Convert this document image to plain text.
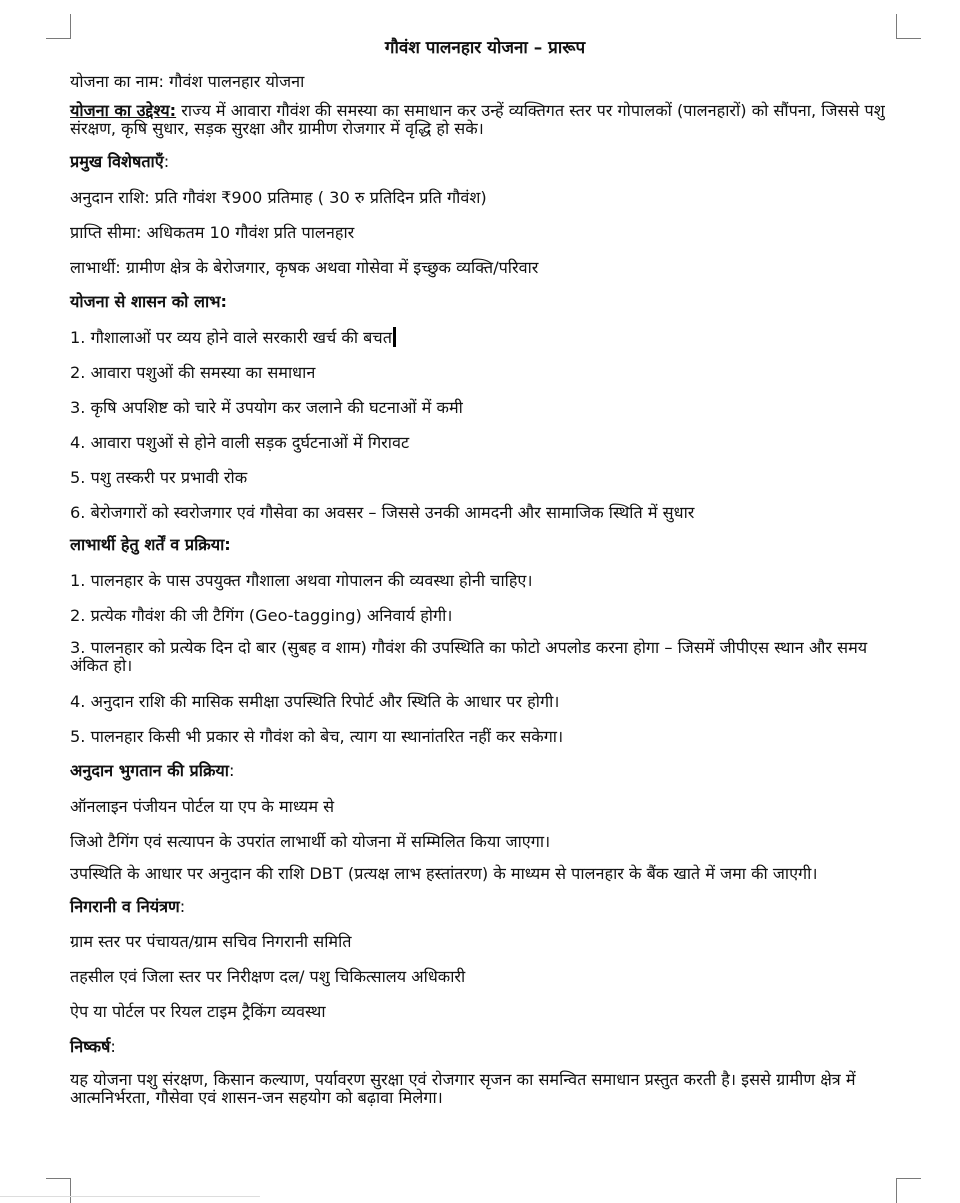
गौवंश पालनहार योजना – प्रारूप

योजना का नाम: गौवंश पालनहार योजना

योजना का उद्देश्य: राज्य में आवारा गौवंश की समस्या का समाधान कर उन्हें व्यक्तिगत स्तर पर गोपालकों (पालनहारों) को सौंपना, जिससे पशु संरक्षण, कृषि सुधार, सड़क सुरक्षा और ग्रामीण रोजगार में वृद्धि हो सके।

प्रमुख विशेषताएँ:

अनुदान राशि: प्रति गौवंश ₹900 प्रतिमाह ( 30 रु प्रतिदिन प्रति गौवंश)

प्राप्ति सीमा: अधिकतम 10 गौवंश प्रति पालनहार

लाभार्थी: ग्रामीण क्षेत्र के बेरोजगार, कृषक अथवा गोसेवा में इच्छुक व्यक्ति/परिवार

योजना से शासन को लाभ:

1. गौशालाओं पर व्यय होने वाले सरकारी खर्च की बचत

2. आवारा पशुओं की समस्या का समाधान

3. कृषि अपशिष्ट को चारे में उपयोग कर जलाने की घटनाओं में कमी

4. आवारा पशुओं से होने वाली सड़क दुर्घटनाओं में गिरावट

5. पशु तस्करी पर प्रभावी रोक

6. बेरोजगारों को स्वरोजगार एवं गौसेवा का अवसर – जिससे उनकी आमदनी और सामाजिक स्थिति में सुधार

लाभार्थी हेतु शर्तें व प्रक्रिया:

1. पालनहार के पास उपयुक्त गौशाला अथवा गोपालन की व्यवस्था होनी चाहिए।

2. प्रत्येक गौवंश की जी टैगिंग (Geo-tagging) अनिवार्य होगी।

3. पालनहार को प्रत्येक दिन दो बार (सुबह व शाम) गौवंश की उपस्थिति का फोटो अपलोड करना होगा – जिसमें जीपीएस स्थान और समय अंकित हो।

4. अनुदान राशि की मासिक समीक्षा उपस्थिति रिपोर्ट और स्थिति के आधार पर होगी।

5. पालनहार किसी भी प्रकार से गौवंश को बेच, त्याग या स्थानांतरित नहीं कर सकेगा।

अनुदान भुगतान की प्रक्रिया:

ऑनलाइन पंजीयन पोर्टल या एप के माध्यम से

जिओ टैगिंग एवं सत्यापन के उपरांत लाभार्थी को योजना में सम्मिलित किया जाएगा।

उपस्थिति के आधार पर अनुदान की राशि DBT (प्रत्यक्ष लाभ हस्तांतरण) के माध्यम से पालनहार के बैंक खाते में जमा की जाएगी।

निगरानी व नियंत्रण:

ग्राम स्तर पर पंचायत/ग्राम सचिव निगरानी समिति

तहसील एवं जिला स्तर पर निरीक्षण दल/ पशु चिकित्सालय अधिकारी

ऐप या पोर्टल पर रियल टाइम ट्रैकिंग व्यवस्था

निष्कर्ष:

यह योजना पशु संरक्षण, किसान कल्याण, पर्यावरण सुरक्षा एवं रोजगार सृजन का समन्वित समाधान प्रस्तुत करती है। इससे ग्रामीण क्षेत्र में आत्मनिर्भरता, गौसेवा एवं शासन-जन सहयोग को बढ़ावा मिलेगा।
